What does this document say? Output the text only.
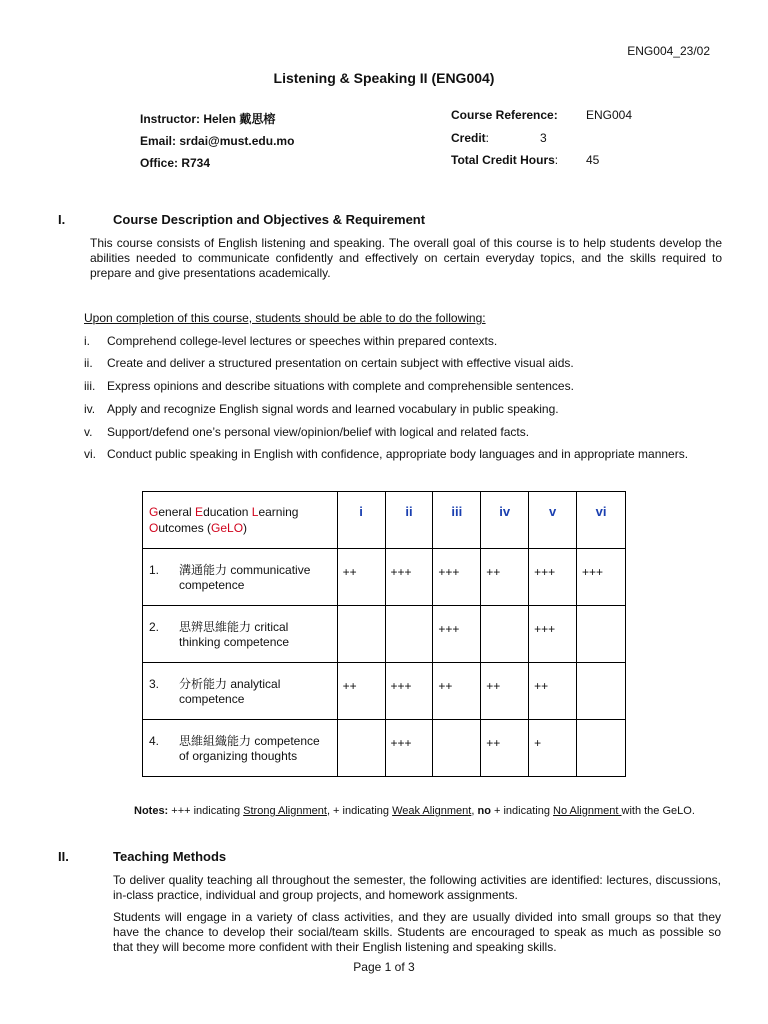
ENG004_23/02
Listening & Speaking II (ENG004)
Instructor: Helen 戴思榕
Email: srdai@must.edu.mo
Office: R734
Course Reference: ENG004
Credit:	3
Total Credit Hours: 45
I.	Course Description and Objectives & Requirement
This course consists of English listening and speaking. The overall goal of this course is to help students develop the abilities needed to communicate confidently and effectively on certain everyday topics, and the skills required to prepare and give presentations academically.
Upon completion of this course, students should be able to do the following:
i.	Comprehend college-level lectures or speeches within prepared contexts.
ii.	Create and deliver a structured presentation on certain subject with effective visual aids.
iii. Express opinions and describe situations with complete and comprehensible sentences.
iv. Apply and recognize English signal words and learned vocabulary in public speaking.
v.	Support/defend one’s personal view/opinion/belief with logical and related facts.
vi. Conduct public speaking in English with confidence, appropriate body languages and in appropriate manners.
General Education Learning
Outcomes (GeLO)	i	ii	iii	iv	v	vi

1. 溝通能力 communicative
competence	++	+++	+++	++	+++	+++

2. 思辨思維能力 critical
thinking competence			+++		+++	

3. 分析能力 analytical
competence	++	+++	++	++	++	

4. 思維組織能力 competence
of organizing thoughts		+++		++	+	

Notes: +++ indicating Strong Alignment, + indicating Weak Alignment, no + indicating No Alignment with the GeLO.
II.	Teaching Methods
To deliver quality teaching all throughout the semester, the following activities are identified: lectures, discussions, in-class practice, individual and group projects, and homework assignments.
Students will engage in a variety of class activities, and they are usually divided into small groups so that they have the chance to develop their social/team skills. Students are encouraged to speak as much as possible so that they will become more confident with their English listening and speaking skills.
Page 1 of 3
